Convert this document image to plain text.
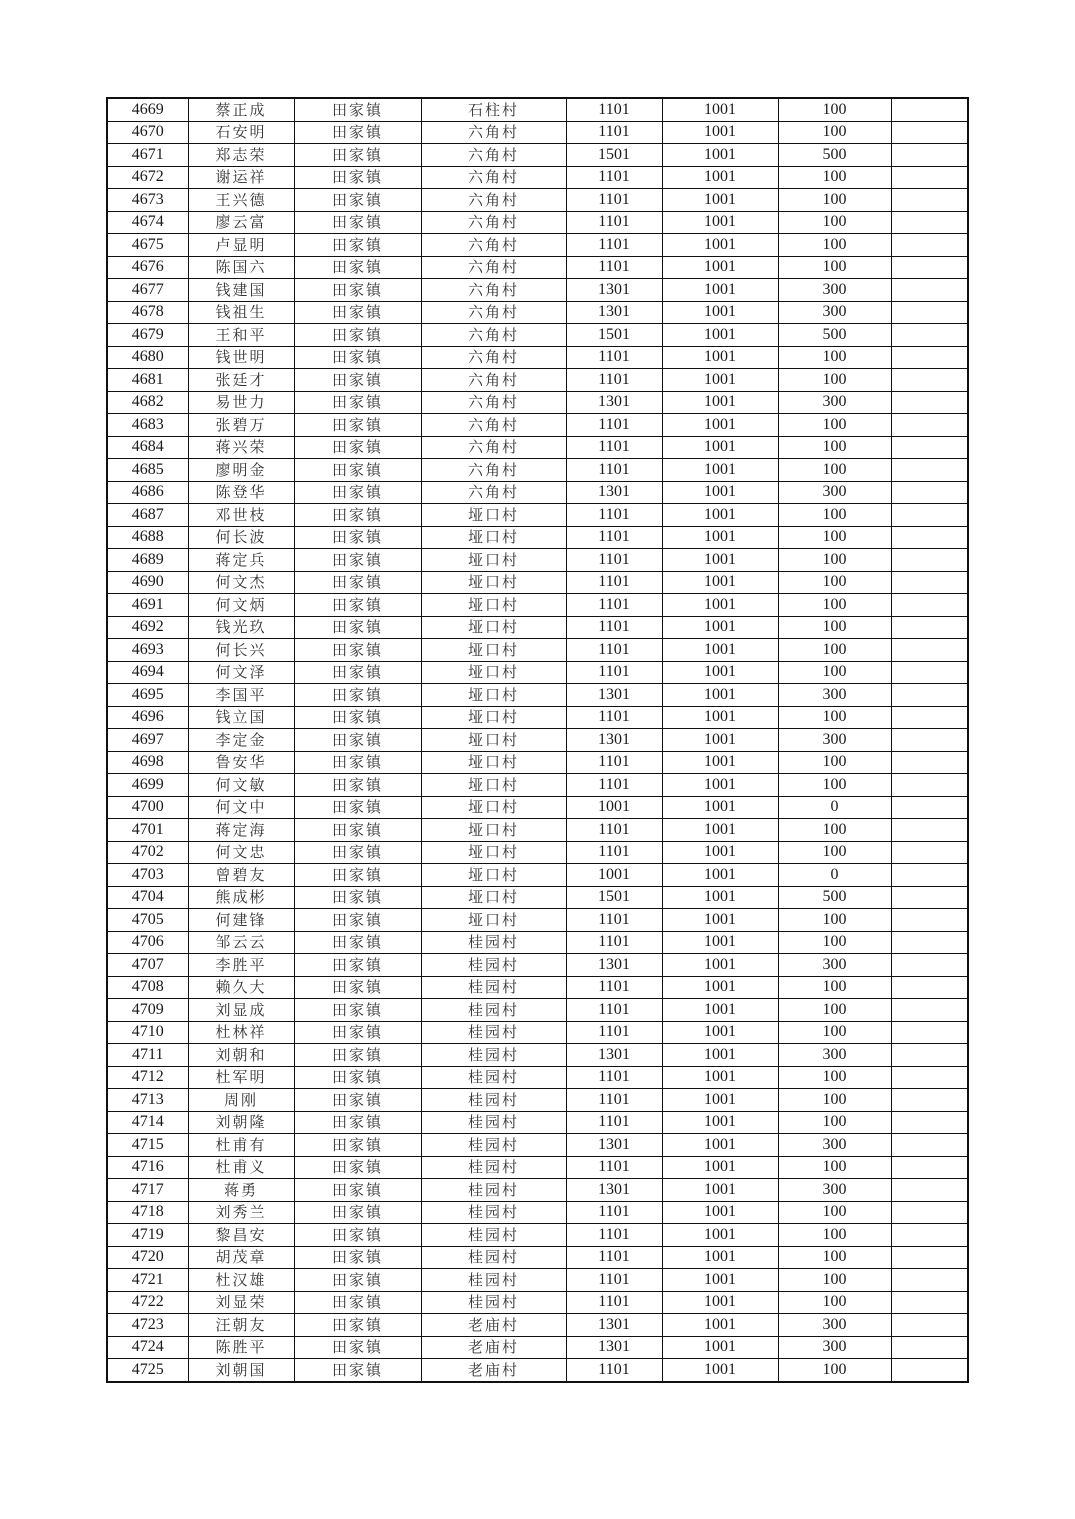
4669	蔡正成	田家镇	石柱村	1101	1001	100	
4670	石安明	田家镇	六角村	1101	1001	100	
4671	郑志荣	田家镇	六角村	1501	1001	500	
4672	谢运祥	田家镇	六角村	1101	1001	100	
4673	王兴德	田家镇	六角村	1101	1001	100	
4674	廖云富	田家镇	六角村	1101	1001	100	
4675	卢显明	田家镇	六角村	1101	1001	100	
4676	陈国六	田家镇	六角村	1101	1001	100	
4677	钱建国	田家镇	六角村	1301	1001	300	
4678	钱祖生	田家镇	六角村	1301	1001	300	
4679	王和平	田家镇	六角村	1501	1001	500	
4680	钱世明	田家镇	六角村	1101	1001	100	
4681	张廷才	田家镇	六角村	1101	1001	100	
4682	易世力	田家镇	六角村	1301	1001	300	
4683	张碧万	田家镇	六角村	1101	1001	100	
4684	蒋兴荣	田家镇	六角村	1101	1001	100	
4685	廖明金	田家镇	六角村	1101	1001	100	
4686	陈登华	田家镇	六角村	1301	1001	300	
4687	邓世枝	田家镇	垭口村	1101	1001	100	
4688	何长波	田家镇	垭口村	1101	1001	100	
4689	蒋定兵	田家镇	垭口村	1101	1001	100	
4690	何文杰	田家镇	垭口村	1101	1001	100	
4691	何文炳	田家镇	垭口村	1101	1001	100	
4692	钱光玖	田家镇	垭口村	1101	1001	100	
4693	何长兴	田家镇	垭口村	1101	1001	100	
4694	何文泽	田家镇	垭口村	1101	1001	100	
4695	李国平	田家镇	垭口村	1301	1001	300	
4696	钱立国	田家镇	垭口村	1101	1001	100	
4697	李定金	田家镇	垭口村	1301	1001	300	
4698	鲁安华	田家镇	垭口村	1101	1001	100	
4699	何文敏	田家镇	垭口村	1101	1001	100	
4700	何文中	田家镇	垭口村	1001	1001	0	
4701	蒋定海	田家镇	垭口村	1101	1001	100	
4702	何文忠	田家镇	垭口村	1101	1001	100	
4703	曾碧友	田家镇	垭口村	1001	1001	0	
4704	熊成彬	田家镇	垭口村	1501	1001	500	
4705	何建锋	田家镇	垭口村	1101	1001	100	
4706	邹云云	田家镇	桂园村	1101	1001	100	
4707	李胜平	田家镇	桂园村	1301	1001	300	
4708	赖久大	田家镇	桂园村	1101	1001	100	
4709	刘显成	田家镇	桂园村	1101	1001	100	
4710	杜林祥	田家镇	桂园村	1101	1001	100	
4711	刘朝和	田家镇	桂园村	1301	1001	300	
4712	杜军明	田家镇	桂园村	1101	1001	100	
4713	周刚	田家镇	桂园村	1101	1001	100	
4714	刘朝隆	田家镇	桂园村	1101	1001	100	
4715	杜甫有	田家镇	桂园村	1301	1001	300	
4716	杜甫义	田家镇	桂园村	1101	1001	100	
4717	蒋勇	田家镇	桂园村	1301	1001	300	
4718	刘秀兰	田家镇	桂园村	1101	1001	100	
4719	黎昌安	田家镇	桂园村	1101	1001	100	
4720	胡茂章	田家镇	桂园村	1101	1001	100	
4721	杜汉雄	田家镇	桂园村	1101	1001	100	
4722	刘显荣	田家镇	桂园村	1101	1001	100	
4723	汪朝友	田家镇	老庙村	1301	1001	300	
4724	陈胜平	田家镇	老庙村	1301	1001	300	
4725	刘朝国	田家镇	老庙村	1101	1001	100	
